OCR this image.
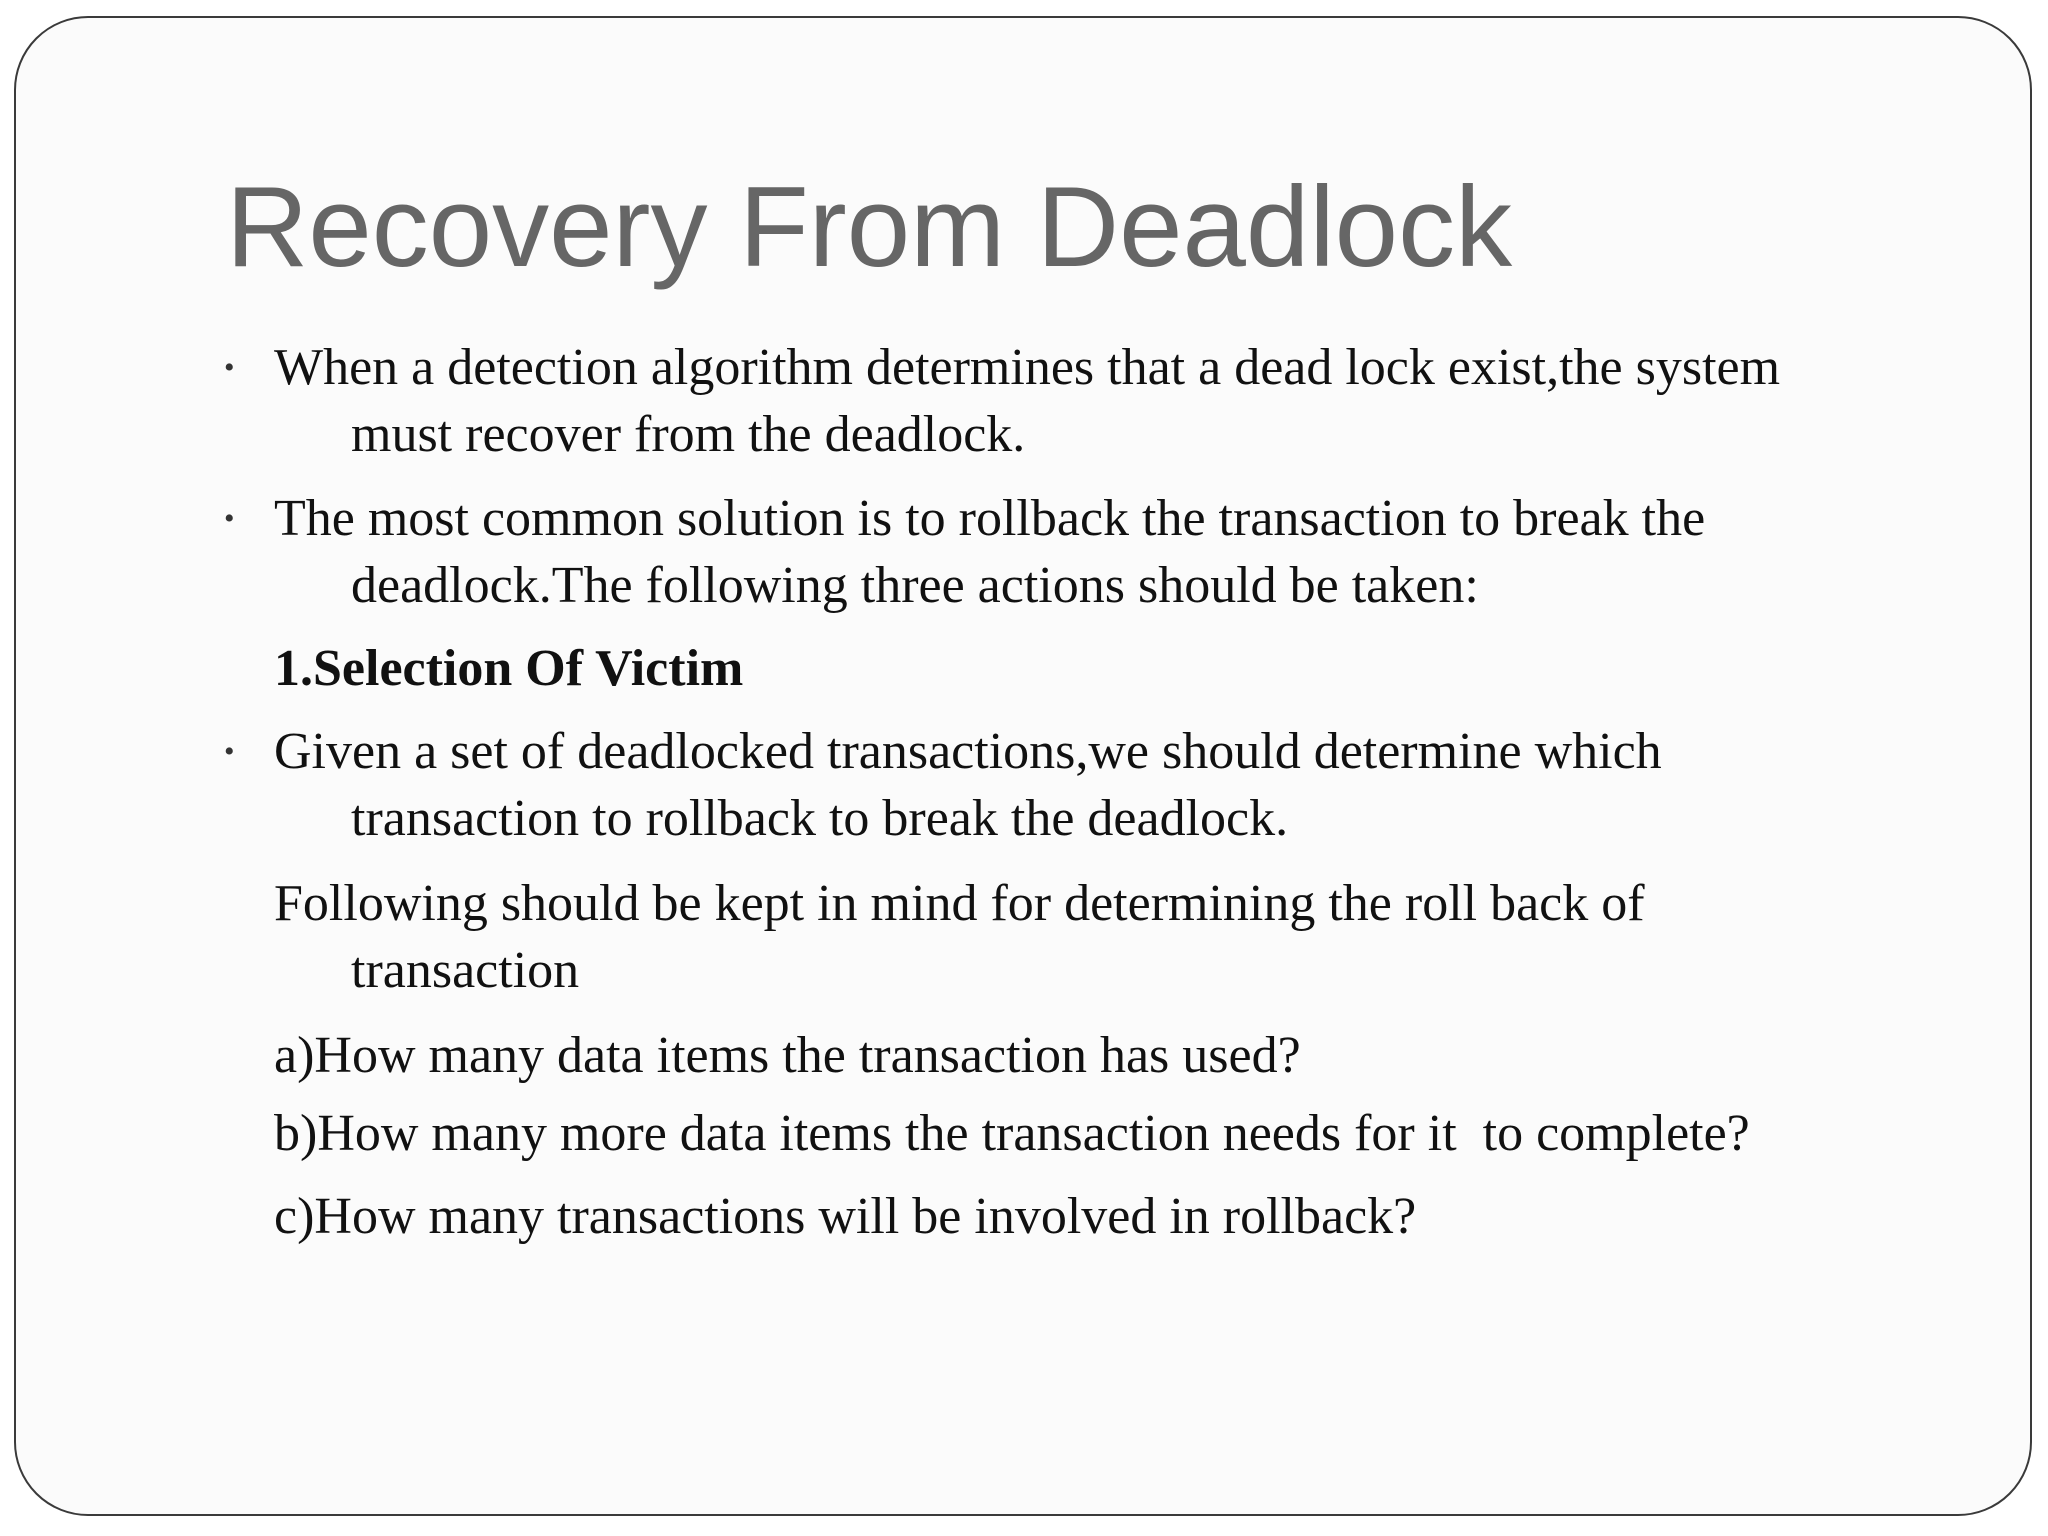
Recovery From Deadlock
• When a detection algorithm determines that a dead lock exist,the system
must recover from the deadlock.
• The most common solution is to rollback the transaction to break the
deadlock.The following three actions should be taken:
1.Selection Of Victim
• Given a set of deadlocked transactions,we should determine which
transaction to rollback to break the deadlock.
Following should be kept in mind for determining the roll back of
transaction
a)How many data items the transaction has used?
b)How many more data items the transaction needs for it  to complete?
c)How many transactions will be involved in rollback?
